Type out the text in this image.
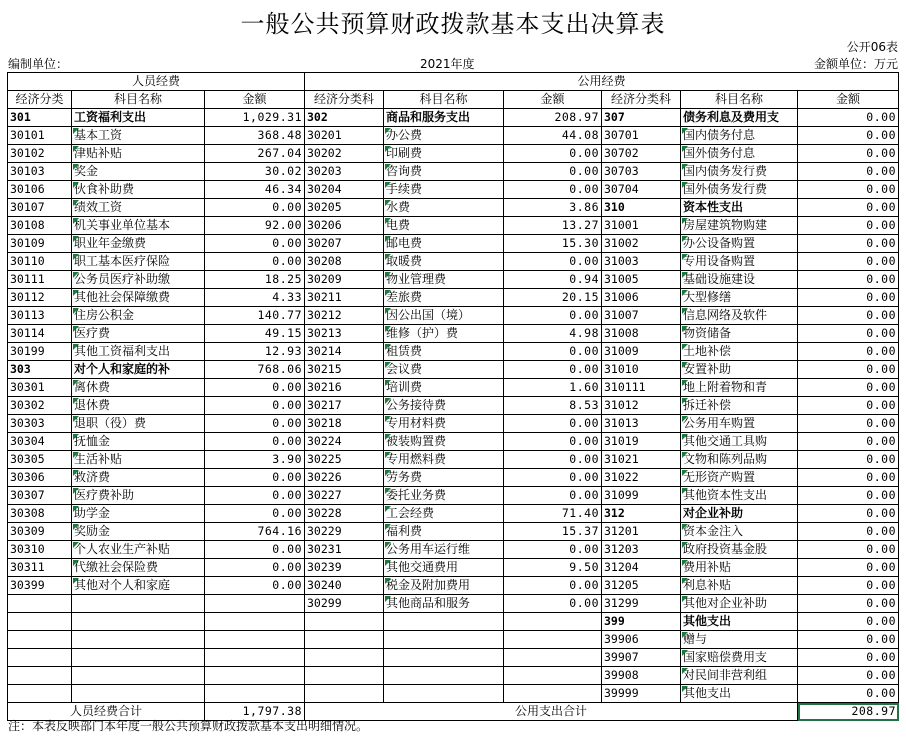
一般公共预算财政拨款基本支出决算表
公开06表
编制单位：	2021年度	金额单位：万元
人员经费			公用经费					
经济分类	科目名称	金额	经济分类科	科目名称	金额	经济分类科	科目名称	金额
301	工资福利支出	1,029.31	302	商品和服务支出	208.97	307	债务利息及费用支	0.00
30101	基本工资	368.48	30201	办公费	44.08	30701	国内债务付息	0.00
30102	津贴补贴	267.04	30202	印刷费	0.00	30702	国外债务付息	0.00
30103	奖金	30.02	30203	咨询费	0.00	30703	国内债务发行费	0.00
30106	伙食补助费	46.34	30204	手续费	0.00	30704	国外债务发行费	0.00
30107	绩效工资	0.00	30205	水费	3.86	310	资本性支出	0.00
30108	机关事业单位基本	92.00	30206	电费	13.27	31001	房屋建筑物购建	0.00
30109	职业年金缴费	0.00	30207	邮电费	15.30	31002	办公设备购置	0.00
30110	职工基本医疗保险	0.00	30208	取暖费	0.00	31003	专用设备购置	0.00
30111	公务员医疗补助缴	18.25	30209	物业管理费	0.94	31005	基础设施建设	0.00
30112	其他社会保障缴费	4.33	30211	差旅费	20.15	31006	大型修缮	0.00
30113	住房公积金	140.77	30212	因公出国（境）	0.00	31007	信息网络及软件	0.00
30114	医疗费	49.15	30213	维修（护）费	4.98	31008	物资储备	0.00
30199	其他工资福利支出	12.93	30214	租赁费	0.00	31009	土地补偿	0.00
303	对个人和家庭的补	768.06	30215	会议费	0.00	31010	安置补助	0.00
30301	离休费	0.00	30216	培训费	1.60	310111	地上附着物和青	0.00
30302	退休费	0.00	30217	公务接待费	8.53	31012	拆迁补偿	0.00
30303	退职（役）费	0.00	30218	专用材料费	0.00	31013	公务用车购置	0.00
30304	抚恤金	0.00	30224	被装购置费	0.00	31019	其他交通工具购	0.00
30305	生活补贴	3.90	30225	专用燃料费	0.00	31021	文物和陈列品购	0.00
30306	救济费	0.00	30226	劳务费	0.00	31022	无形资产购置	0.00
30307	医疗费补助	0.00	30227	委托业务费	0.00	31099	其他资本性支出	0.00
30308	助学金	0.00	30228	工会经费	71.40	312	对企业补助	0.00
30309	奖励金	764.16	30229	福利费	15.37	31201	资本金注入	0.00
30310	个人农业生产补贴	0.00	30231	公务用车运行维	0.00	31203	政府投资基金股	0.00
30311	代缴社会保险费	0.00	30239	其他交通费用	9.50	31204	费用补贴	0.00
30399	其他对个人和家庭	0.00	30240	税金及附加费用	0.00	31205	利息补贴	0.00
			30299	其他商品和服务	0.00	31299	其他对企业补助	0.00
						399	其他支出	0.00
						39906	赠与	0.00
						39907	国家赔偿费用支	0.00
						39908	对民间非营利组	0.00
						39999	其他支出	0.00
人员经费合计		1,797.38	公用支出合计					208.97
注：本表反映部门本年度一般公共预算财政拨款基本支出明细情况。
